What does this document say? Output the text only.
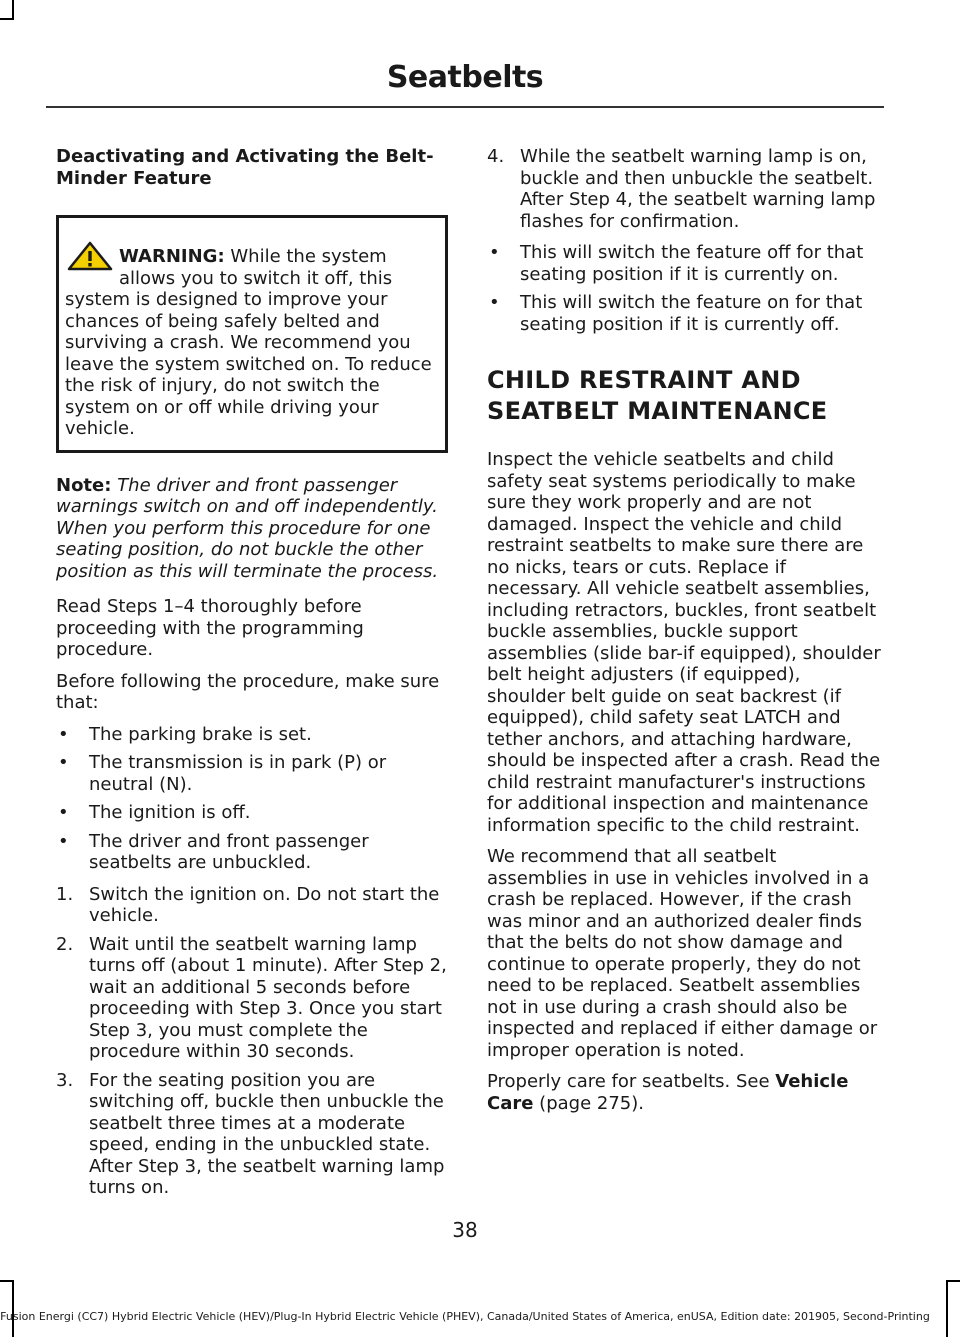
Seatbelts
Deactivating and Activating the Belt-Minder Feature
WARNING: While the system allows you to switch it off, this system is designed to improve your chances of being safely belted and surviving a crash. We recommend you leave the system switched on. To reduce the risk of injury, do not switch the system on or off while driving your vehicle.

Note: The driver and front passenger warnings switch on and off independently. When you perform this procedure for one seating position, do not buckle the other position as this will terminate the process.

Read Steps 1–4 thoroughly before proceeding with the programming procedure.

Before following the procedure, make sure that:

• The parking brake is set.
• The transmission is in park (P) or neutral (N).
• The ignition is off.
• The driver and front passenger seatbelts are unbuckled.
1. Switch the ignition on. Do not start the vehicle.
2. Wait until the seatbelt warning lamp turns off (about 1 minute). After Step 2, wait an additional 5 seconds before proceeding with Step 3. Once you start Step 3, you must complete the procedure within 30 seconds.
3. For the seating position you are switching off, buckle then unbuckle the seatbelt three times at a moderate speed, ending in the unbuckled state. After Step 3, the seatbelt warning lamp turns on.
4. While the seatbelt warning lamp is on, buckle and then unbuckle the seatbelt. After Step 4, the seatbelt warning lamp flashes for confirmation.
• This will switch the feature off for that seating position if it is currently on.
• This will switch the feature on for that seating position if it is currently off.
CHILD RESTRAINT AND
SEATBELT MAINTENANCE

Inspect the vehicle seatbelts and child safety seat systems periodically to make sure they work properly and are not damaged. Inspect the vehicle and child restraint seatbelts to make sure there are no nicks, tears or cuts. Replace if necessary. All vehicle seatbelt assemblies, including retractors, buckles, front seatbelt buckle assemblies, buckle support assemblies (slide bar-if equipped), shoulder belt height adjusters (if equipped), shoulder belt guide on seat backrest (if equipped), child safety seat LATCH and tether anchors, and attaching hardware, should be inspected after a crash. Read the child restraint manufacturer's instructions for additional inspection and maintenance information specific to the child restraint.

We recommend that all seatbelt assemblies in use in vehicles involved in a crash be replaced. However, if the crash was minor and an authorized dealer finds that the belts do not show damage and continue to operate properly, they do not need to be replaced. Seatbelt assemblies not in use during a crash should also be inspected and replaced if either damage or improper operation is noted.

Properly care for seatbelts. See Vehicle Care (page 275).

38
Fusion Energi (CC7) Hybrid Electric Vehicle (HEV)/Plug-In Hybrid Electric Vehicle (PHEV), Canada/United States of America, enUSA, Edition date: 201905, Second-Printing
